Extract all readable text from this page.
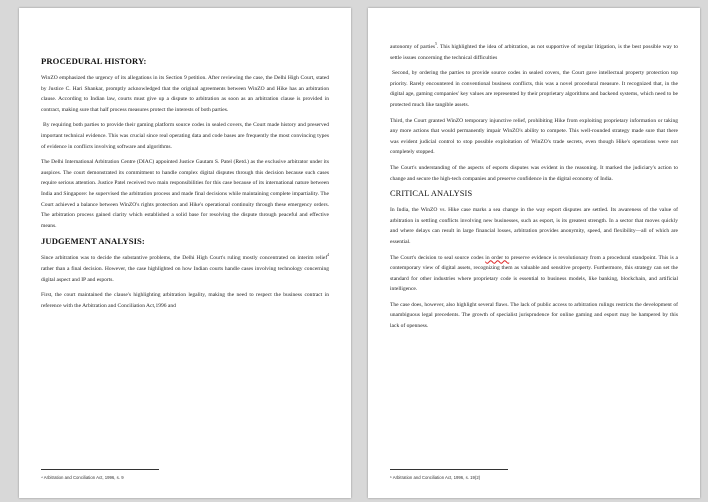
PROCEDURAL HISTORY:

WinZO emphasized the urgency of its allegations in its Section 9 petition. After reviewing the case, the Delhi High Court, stated by Justice C. Hari Shankar, promptly acknowledged that the original agreements between WinZO and Hike has an arbitration clause. According to Indian law, courts must give up a dispute to arbitration as soon as an arbitration clause is provided in contract, making sure that half process measures protect the interests of both parties.

By requiring both parties to provide their gaming platform source codes in sealed covers, the Court made history and preserved important technical evidence. This was crucial since real operating data and code bases are frequently the most convincing types of evidence in conflicts involving software and algorithms.

The Delhi International Arbitration Centre (DIAC) appointed Justice Gautam S. Patel (Retd.) as the exclusive arbitrator under its auspices. The court demonstrated its commitment to handle complex digital disputes through this decision because such cases require serious attention. Justice Patel received two main responsibilities for this case because of its international nature between India and Singapore: he supervised the arbitration process and made final decisions while maintaining complete impartiality. The Court achieved a balance between WinZO's rights protection and Hike's operational continuity through these emergency orders. The arbitration process gained clarity which established a solid base for resolving the dispute through peaceful and effective means.

JUDGEMENT ANALYSIS:

Since arbitration was to decide the substantive problems, the Delhi High Court's ruling mostly concentrated on interim relief$^4$ rather than a final decision. However, the case highlighted on how Indian courts handle cases involving technology concerning digital aspect and IP and esports.

First, the court maintained the clause's highlighting arbitration legality, making the need to respect the business contract in reference with the Arbitration and Conciliation Act,1996 and

⁴ Arbitration and Conciliation Act, 1996, s. 9

autonomy of parties$^5$. This highlighted the idea of arbitration, as not supportive of regular litigation, is the best possible way to settle issues concerning the technical difficulties

Second, by ordering the parties to provide source codes in sealed covers, the Court gave intellectual property protection top priority. Rarely encountered in conventional business conflicts, this was a novel procedural measure. It recognized that, in the digital age, gaming companies' key values are represented by their proprietary algorithms and backend systems, which need to be protected much like tangible assets.

Third, the Court granted WinZO temporary injunctive relief, prohibiting Hike from exploiting proprietary information or taking any more actions that would permanently impair WinZO's ability to compete. This well-rounded strategy made sure that there was evident judicial control to stop possible exploitation of WinZO's trade secrets, even though Hike's operations were not completely stopped.

The Court's understanding of the aspects of esports disputes was evident in the reasoning. It marked the judiciary's action to change and secure the high-tech companies and preserve confidence in the digital economy of India.

CRITICAL ANALYSIS

In India, the WinZO vs. Hike case marks a sea change in the way esport disputes are settled. Its awareness of the value of arbitration in settling conflicts involving new businesses, such as esport, is its greatest strength. In a sector that moves quickly and where delays can result in large financial losses, arbitration provides anonymity, speed, and flexibility—all of which are essential.

The Court's decision to seal source codes in order to preserve evidence is revolutionary from a procedural standpoint. This is a contemporary view of digital assets, recognizing them as valuable and sensitive property. Furthermore, this strategy can set the standard for other industries where proprietary code is essential to business models, like banking, blockchain, and artificial intelligence.

The case does, however, also highlight several flaws. The lack of public access to arbitration rulings restricts the development of unambiguous legal precedents. The growth of specialist jurisprudence for online gaming and esport may be hampered by this lack of openness.

⁵ Arbitration and Conciliation Act, 1996, s. 19(2)
